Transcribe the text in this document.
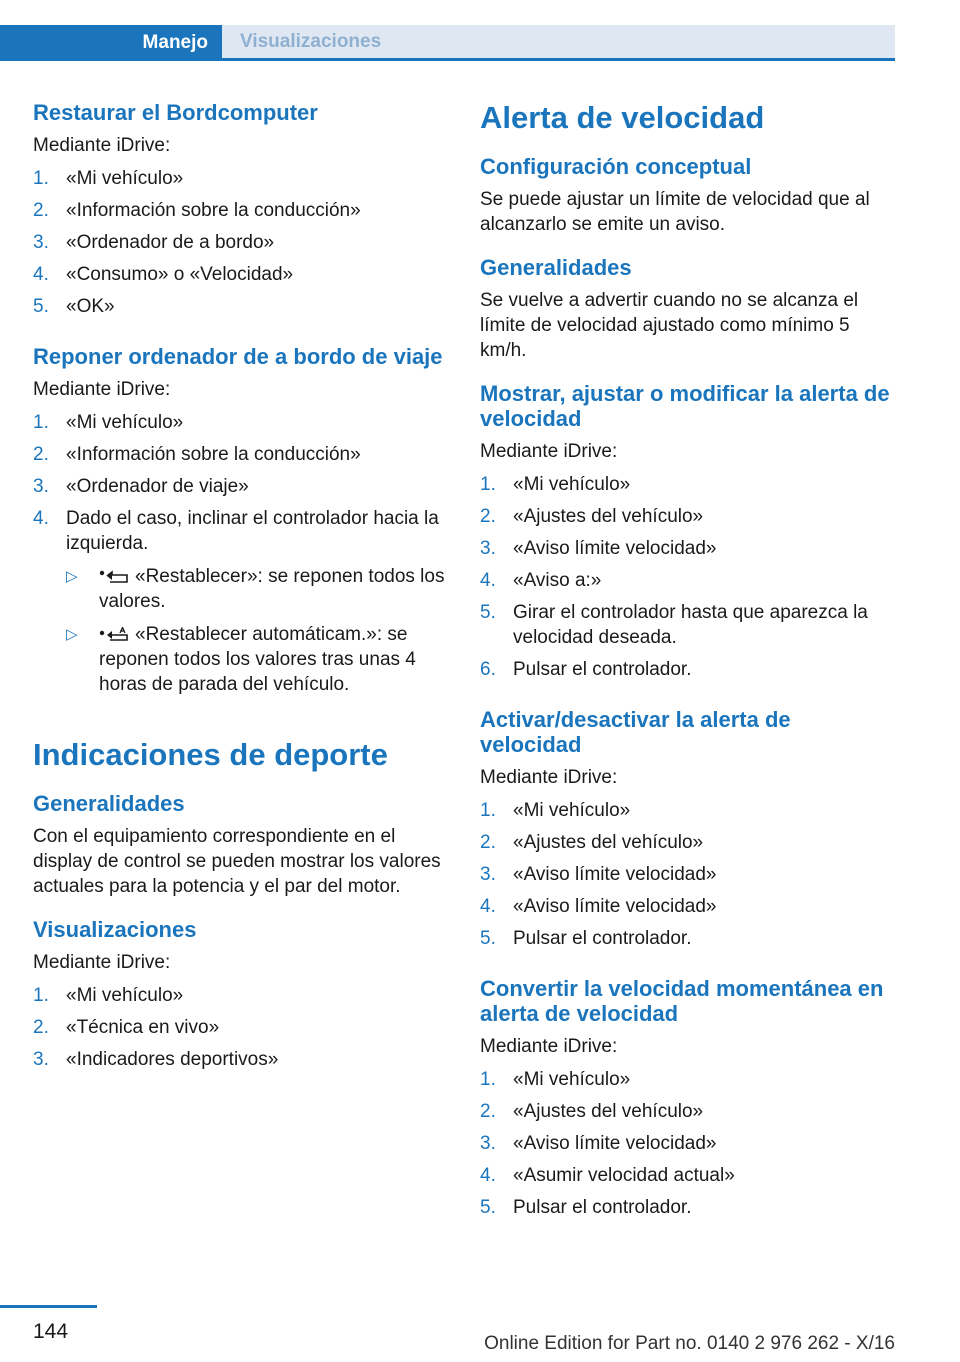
Manejo	Visualizaciones
Restaurar el Bordcomputer

Mediante iDrive:

1. «Mi vehículo»
2. «Información sobre la conducción»
3. «Ordenador de a bordo»
4. «Consumo» o «Velocidad»
5. «OK»
Reponer ordenador de a bordo de viaje

Mediante iDrive:

1. «Mi vehículo»
2. «Información sobre la conducción»
3. «Ordenador de viaje»
4. Dado el caso, inclinar el controlador hacia la izquierda.
▷	«Restablecer»: se reponen todos los valores.
▷	«Restablecer automáticam.»: se reponen todos los valores tras unas 4 horas de parada del vehículo.
Indicaciones de deporte
Generalidades

Con el equipamiento correspondiente en el display de control se pueden mostrar los valores actuales para la potencia y el par del motor.

Visualizaciones

Mediante iDrive:

1. «Mi vehículo»
2. «Técnica en vivo»
3. «Indicadores deportivos»
Alerta de velocidad
Configuración conceptual

Se puede ajustar un límite de velocidad que al alcanzarlo se emite un aviso.

Generalidades

Se vuelve a advertir cuando no se alcanza el límite de velocidad ajustado como mínimo 5 km/h.

Mostrar, ajustar o modificar la alerta de velocidad

Mediante iDrive:

1. «Mi vehículo»
2. «Ajustes del vehículo»
3. «Aviso límite velocidad»
4. «Aviso a:»
5. Girar el controlador hasta que aparezca la velocidad deseada.
6. Pulsar el controlador.
Activar/desactivar la alerta de velocidad

Mediante iDrive:

1. «Mi vehículo»
2. «Ajustes del vehículo»
3. «Aviso límite velocidad»
4. «Aviso límite velocidad»
5. Pulsar el controlador.
Convertir la velocidad momentánea en alerta de velocidad

Mediante iDrive:

1. «Mi vehículo»
2. «Ajustes del vehículo»
3. «Aviso límite velocidad»
4. «Asumir velocidad actual»
5. Pulsar el controlador.
144
Online Edition for Part no. 0140 2 976 262 - X/16
